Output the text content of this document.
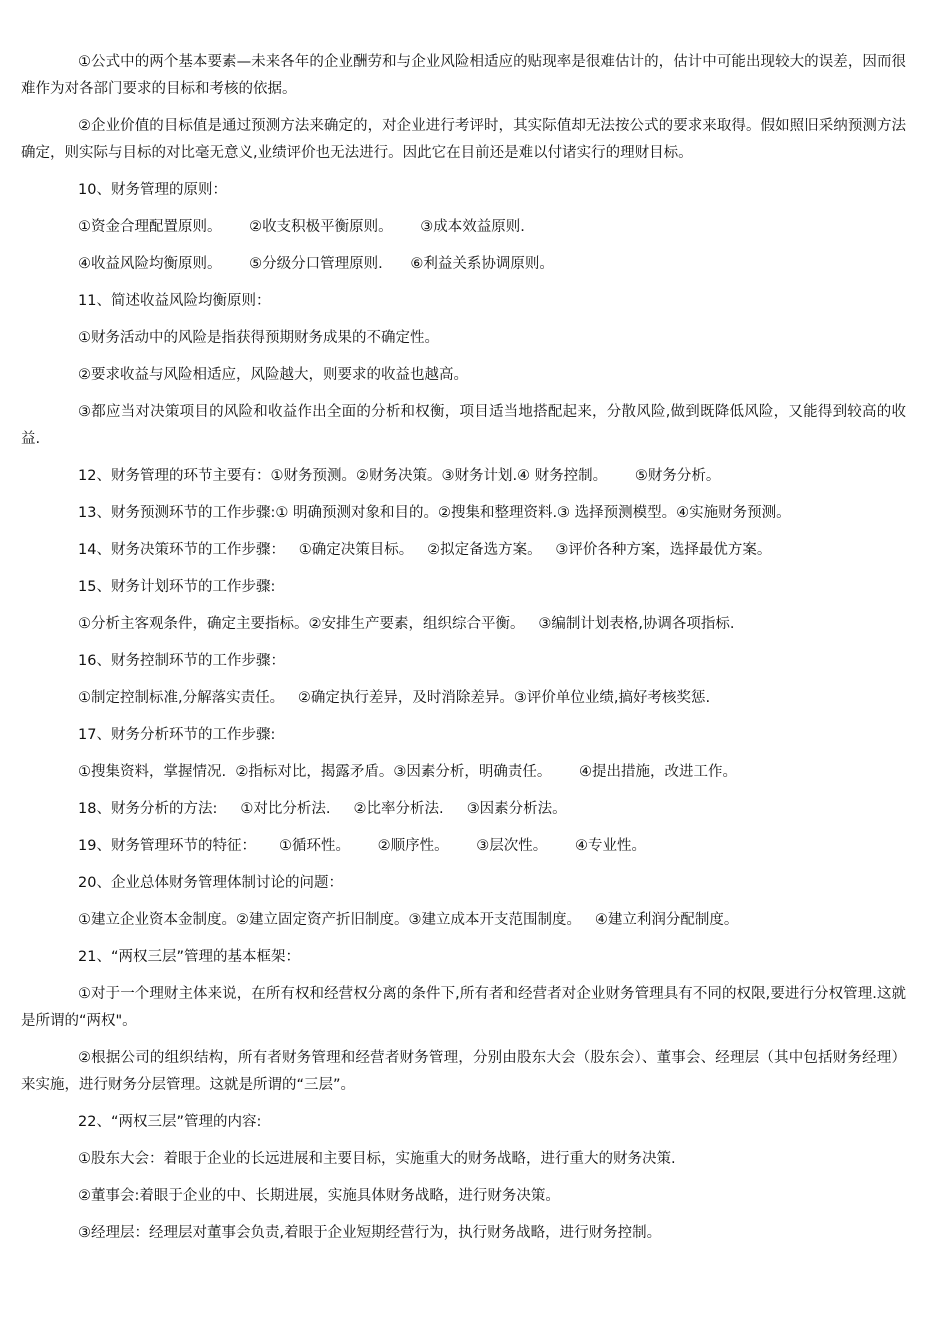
①公式中的两个基本要素—未来各年的企业酬劳和与企业风险相适应的贴现率是很难估计的，估计中可能出现较大的误差，因而很难作为对各部门要求的目标和考核的依据。

②企业价值的目标值是通过预测方法来确定的，对企业进行考评时，其实际值却无法按公式的要求来取得。假如照旧采纳预测方法确定，则实际与目标的对比毫无意义,业绩评价也无法进行。因此它在目前还是难以付诸实行的理财目标。

10、财务管理的原则：
①资金合理配置原则。      ②收支积极平衡原则。      ③成本效益原则.
④收益风险均衡原则。      ⑤分级分口管理原则.      ⑥利益关系协调原则。
11、简述收益风险均衡原则：
①财务活动中的风险是指获得预期财务成果的不确定性。
②要求收益与风险相适应，风险越大，则要求的收益也越高。

③都应当对决策项目的风险和收益作出全面的分析和权衡，项目适当地搭配起来，分散风险,做到既降低风险，又能得到较高的收益.

12、财务管理的环节主要有：①财务预测。②财务决策。③财务计划.④ 财务控制。      ⑤财务分析。
13、财务预测环节的工作步骤:① 明确预测对象和目的。②搜集和整理资料.③ 选择预测模型。④实施财务预测。
14、财务决策环节的工作步骤：   ①确定决策目标。   ②拟定备选方案。   ③评价各种方案，选择最优方案。
15、财务计划环节的工作步骤:
①分析主客观条件，确定主要指标。②安排生产要素，组织综合平衡。   ③编制计划表格,协调各项指标.
16、财务控制环节的工作步骤：
①制定控制标准,分解落实责任。   ②确定执行差异，及时消除差异。③评价单位业绩,搞好考核奖惩.
17、财务分析环节的工作步骤:
①搜集资料，掌握情况.  ②指标对比，揭露矛盾。③因素分析，明确责任。      ④提出措施，改进工作。
18、财务分析的方法:     ①对比分析法.     ②比率分析法.     ③因素分析法。
19、财务管理环节的特征：     ①循环性。      ②顺序性。      ③层次性。      ④专业性。
20、企业总体财务管理体制讨论的问题：
①建立企业资本金制度。②建立固定资产折旧制度。③建立成本开支范围制度。   ④建立利润分配制度。
21、“两权三层”管理的基本框架：

①对于一个理财主体来说，在所有权和经营权分离的条件下,所有者和经营者对企业财务管理具有不同的权限,要进行分权管理.这就是所谓的“两权"。

②根据公司的组织结构，所有者财务管理和经营者财务管理，分别由股东大会（股东会）、董事会、经理层（其中包括财务经理）来实施，进行财务分层管理。这就是所谓的“三层”。

22、“两权三层”管理的内容:
①股东大会：着眼于企业的长远进展和主要目标，实施重大的财务战略，进行重大的财务决策.
②董事会:着眼于企业的中、长期进展，实施具体财务战略，进行财务决策。
③经理层：经理层对董事会负责,着眼于企业短期经营行为，执行财务战略，进行财务控制。
